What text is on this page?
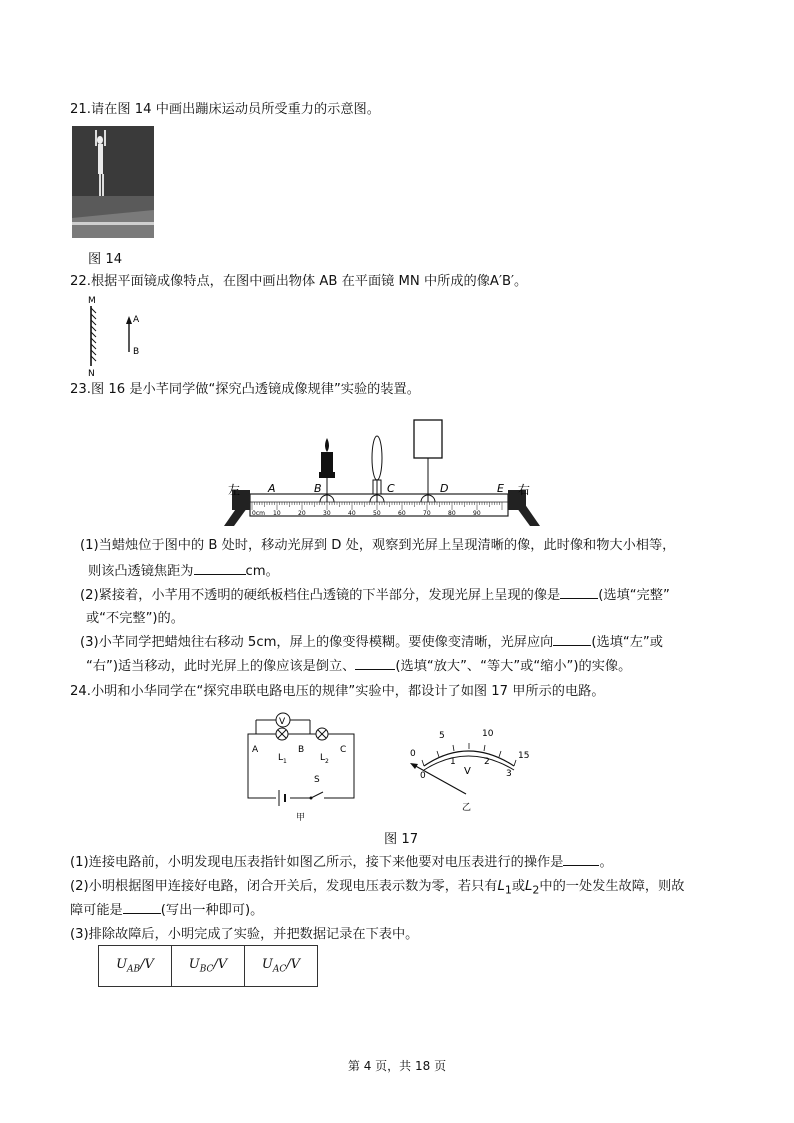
21.请在图 14 中画出蹦床运动员所受重力的示意图。
图 14
22.根据平面镜成像特点，在图中画出物体 AB 在平面镜 MN 中所成的像A′B′。
M
N
A
B
23.图 16 是小芊同学做“探究凸透镜成像规律”实验的装置。
0cm 10	20	30	40	50	60	70	80	90
左	右
A	B	C	D	E
(1)当蜡烛位于图中的 B 处时，移动光屏到 D 处，观察到光屏上呈现清晰的像，此时像和物大小相等，
则该凸透镜焦距为	cm。
(2)紧接着，小芊用不透明的硬纸板档住凸透镜的下半部分，发现光屏上呈现的像是	(选填“完整”
或“不完整”)的。
(3)小芊同学把蜡烛往右移动 5cm，屏上的像变得模糊。要使像变清晰，光屏应向	(选填“左”或
“右”)适当移动，此时光屏上的像应该是倒立、	(选填“放大”、“等大”或“缩小”)的实像。
24.小明和小华同学在“探究串联电路电压的规律”实验中，都设计了如图 17 甲所示的电路。
V
A	B	C
$L_1$	$L_2$
S
甲
0
5	10
15
0
1	2
3
V
乙
图 17
(1)连接电路前，小明发现电压表指针如图乙所示，接下来他要对电压表进行的操作是	。
(2)小明根据图甲连接好电路，闭合开关后，发现电压表示数为零，若只有$L_1$或$L_2$中的一处发生故障，则故
障可能是	(写出一种即可)。
(3)排除故障后，小明完成了实验，并把数据记录在下表中。
$U_{AB}/V$	$U_{BC}/V$	$U_{AC}/V$
第 4 页，共 18 页
